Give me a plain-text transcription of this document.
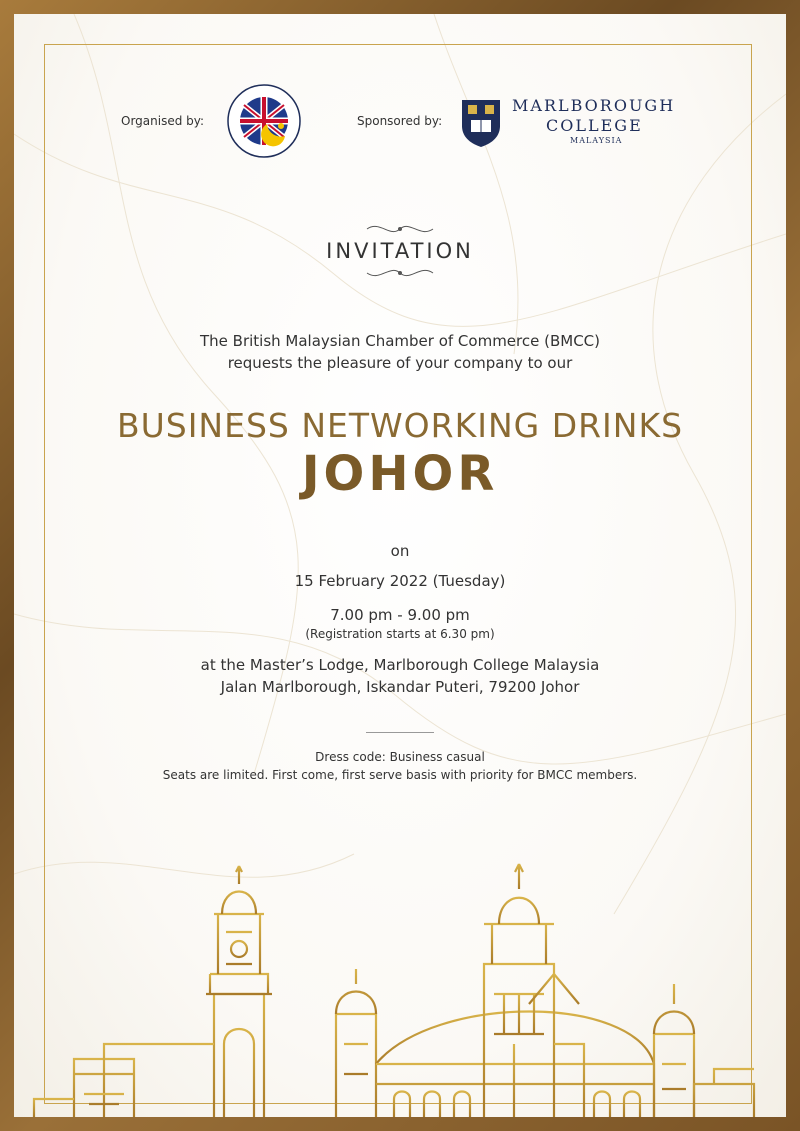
Organised by:	Sponsored by:
MARLBOROUGH
COLLEGE
MALAYSIA
INVITATION
The British Malaysian Chamber of Commerce (BMCC)
requests the pleasure of your company to our
BUSINESS NETWORKING DRINKS
JOHOR
on
15 February 2022 (Tuesday)
7.00 pm - 9.00 pm
(Registration starts at 6.30 pm)
at the Master’s Lodge, Marlborough College Malaysia
Jalan Marlborough, Iskandar Puteri, 79200 Johor
Dress code: Business casual
Seats are limited. First come, first serve basis with priority for BMCC members.
